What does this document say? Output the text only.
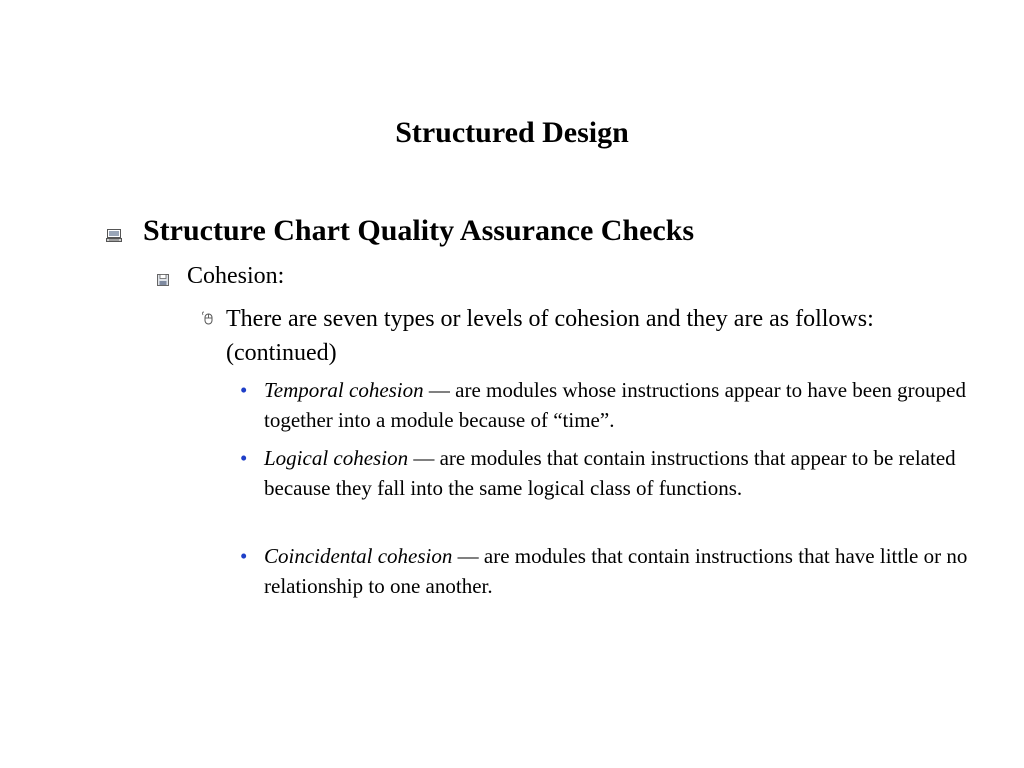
Structured Design
Structure Chart Quality Assurance Checks
Cohesion:
There are seven types or levels of cohesion and they are as follows: (continued)
• Temporal cohesion — are modules whose instructions appear to have been grouped together into a module because of “time”.
• Logical cohesion — are modules that contain instructions that appear to be related because they fall into the same logical class of functions.
• Coincidental cohesion — are modules that contain instructions that have little or no relationship to one another.
